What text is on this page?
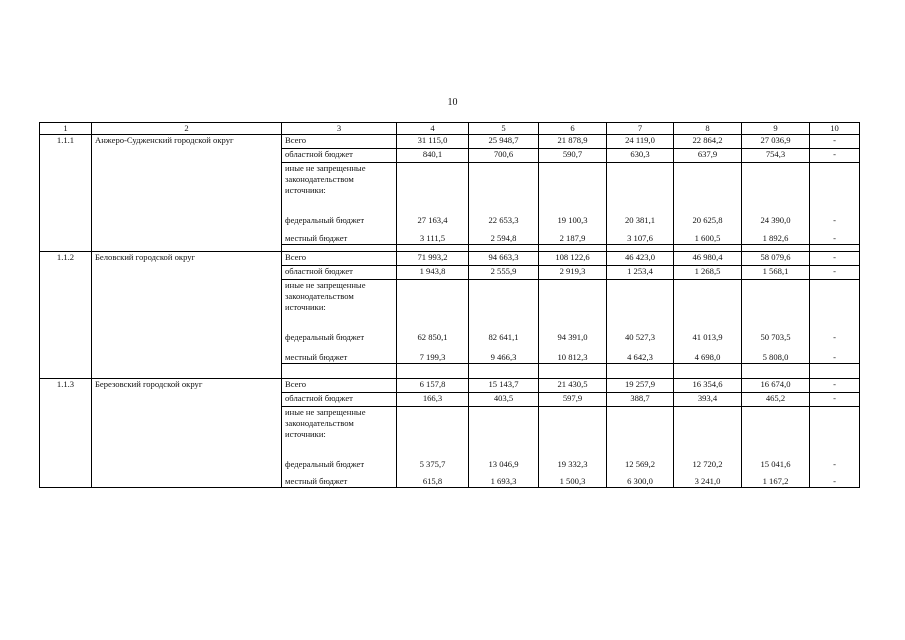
10
1	2	3	4	5	6	7	8	9	10
1.1.1	Анжеро-Судженский городской округ	Всего	31 115,0	25 948,7	21 878,9	24 119,0	22 864,2	27 036,9	-
		областной бюджет	840,1	700,6	590,7	630,3	637,9	754,3	-
		иные не запрещенные законодательством источники:							
		федеральный бюджет	27 163,4	22 653,3	19 100,3	20 381,1	20 625,8	24 390,0	-
		местный бюджет	3 111,5	2 594,8	2 187,9	3 107,6	1 600,5	1 892,6	-

1.1.2	Беловский городской округ	Всего	71 993,2	94 663,3	108 122,6	46 423,0	46 980,4	58 079,6	-
		областной бюджет	1 943,8	2 555,9	2 919,3	1 253,4	1 268,5	1 568,1	-
		иные не запрещенные законодательством источники:							
		федеральный бюджет	62 850,1	82 641,1	94 391,0	40 527,3	41 013,9	50 703,5	-
		местный бюджет	7 199,3	9 466,3	10 812,3	4 642,3	4 698,0	5 808,0	-

1.1.3	Березовский городской округ	Всего	6 157,8	15 143,7	21 430,5	19 257,9	16 354,6	16 674,0	-
		областной бюджет	166,3	403,5	597,9	388,7	393,4	465,2	-
		иные не запрещенные законодательством источники:							
		федеральный бюджет	5 375,7	13 046,9	19 332,3	12 569,2	12 720,2	15 041,6	-
		местный бюджет	615,8	1 693,3	1 500,3	6 300,0	3 241,0	1 167,2	-
